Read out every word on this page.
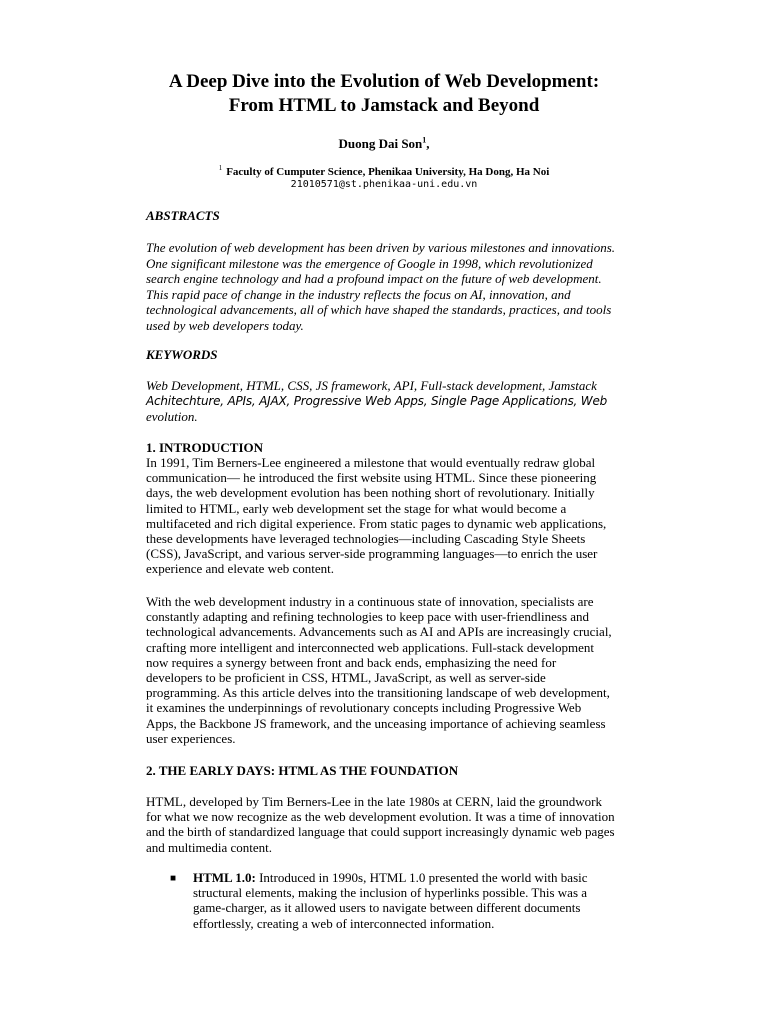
A Deep Dive into the Evolution of Web Development:
From HTML to Jamstack and Beyond
Duong Dai Son$^1$,
$^1$ Faculty of Cumputer Science, Phenikaa University, Ha Dong, Ha Noi
21010571@st.phenikaa-uni.edu.vn
ABSTRACTS
The evolution of web development has been driven by various milestones and innovations.
One significant milestone was the emergence of Google in 1998, which revolutionized
search engine technology and had a profound impact on the future of web development.
This rapid pace of change in the industry reflects the focus on AI, innovation, and
technological advancements, all of which have shaped the standards, practices, and tools
used by web developers today.
KEYWORDS
Web Development, HTML, CSS, JS framework, API, Full-stack development, Jamstack
Achitechture, APIs, AJAX, Progressive Web Apps, Single Page Applications, Web
evolution.
1. INTRODUCTION
In 1991, Tim Berners-Lee engineered a milestone that would eventually redraw global
communication— he introduced the first website using HTML. Since these pioneering
days, the web development evolution has been nothing short of revolutionary. Initially
limited to HTML, early web development set the stage for what would become a
multifaceted and rich digital experience. From static pages to dynamic web applications,
these developments have leveraged technologies—including Cascading Style Sheets
(CSS), JavaScript, and various server-side programming languages—to enrich the user
experience and elevate web content.
With the web development industry in a continuous state of innovation, specialists are
constantly adapting and refining technologies to keep pace with user-friendliness and
technological advancements. Advancements such as AI and APIs are increasingly crucial,
crafting more intelligent and interconnected web applications. Full-stack development
now requires a synergy between front and back ends, emphasizing the need for
developers to be proficient in CSS, HTML, JavaScript, as well as server-side
programming. As this article delves into the transitioning landscape of web development,
it examines the underpinnings of revolutionary concepts including Progressive Web
Apps, the Backbone JS framework, and the unceasing importance of achieving seamless
user experiences.
2. THE EARLY DAYS: HTML AS THE FOUNDATION
HTML, developed by Tim Berners-Lee in the late 1980s at CERN, laid the groundwork
for what we now recognize as the web development evolution. It was a time of innovation
and the birth of standardized language that could support increasingly dynamic web pages
and multimedia content.
■ HTML 1.0: Introduced in 1990s, HTML 1.0 presented the world with basic
structural elements, making the inclusion of hyperlinks possible. This was a
game-charger, as it allowed users to navigate between different documents
effortlessly, creating a web of interconnected information.
